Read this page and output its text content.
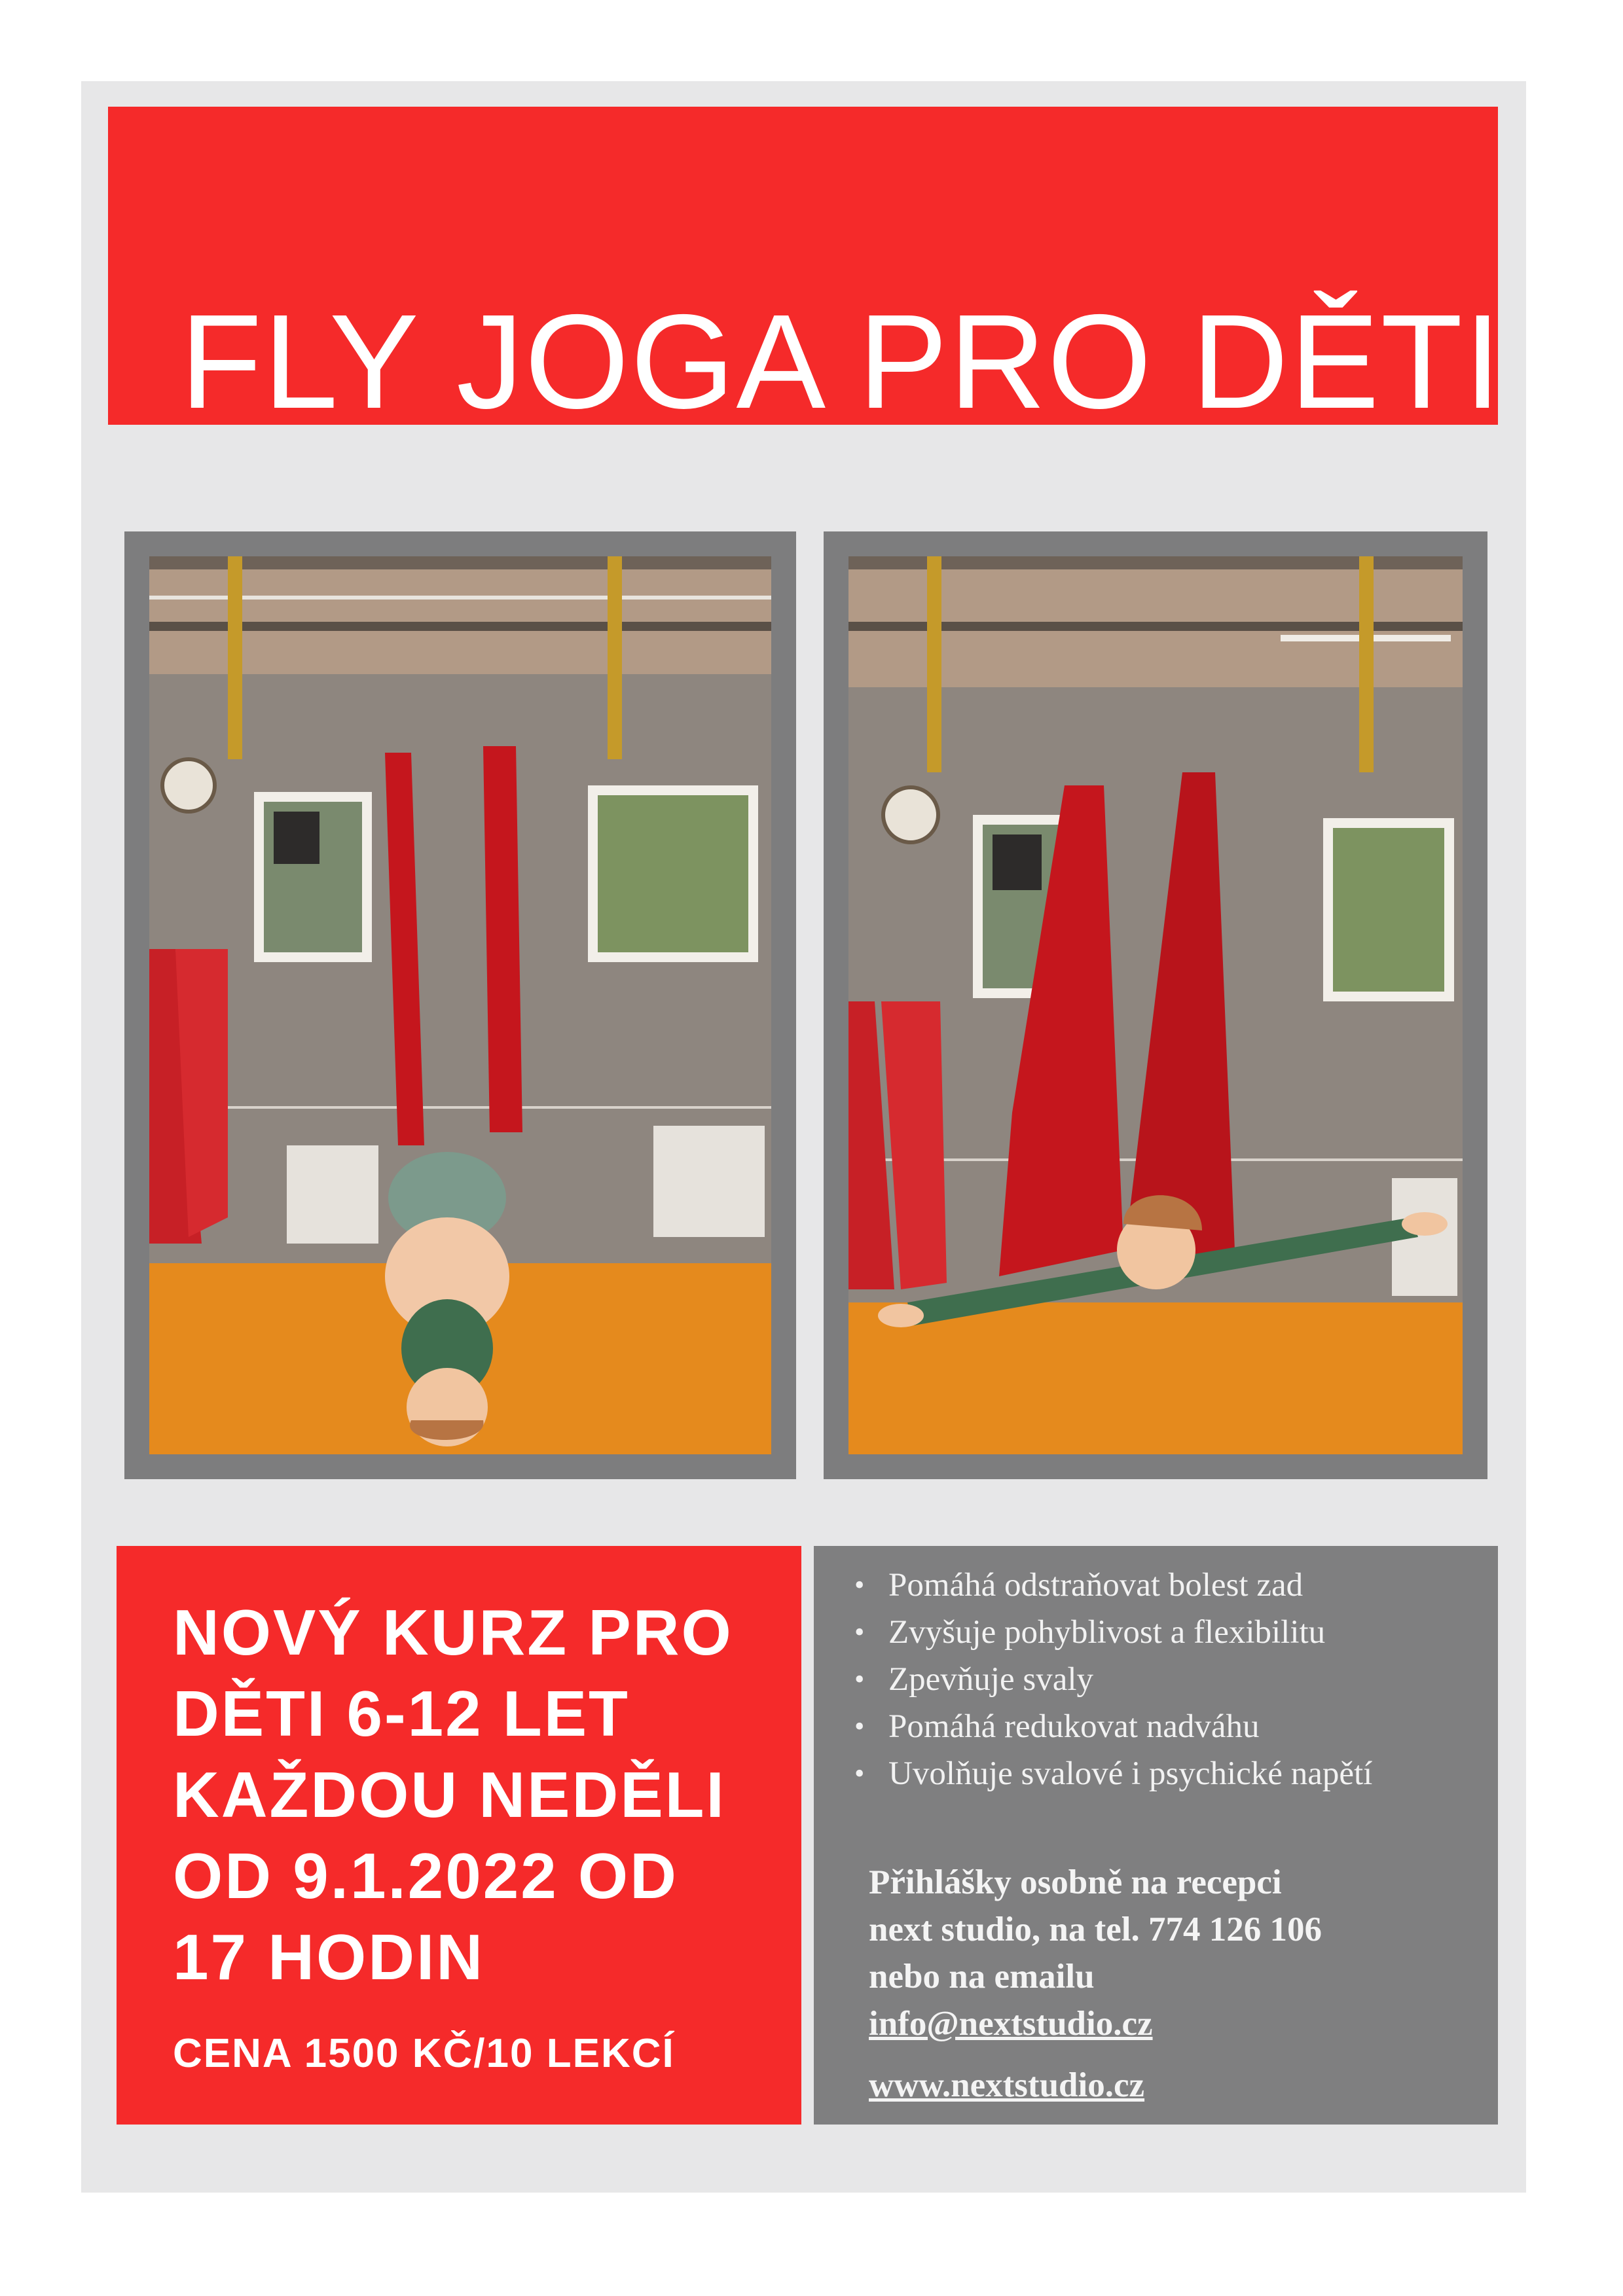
FLY JOGA PRO DĚTI
NOVÝ KURZ PRO
DĚTI 6-12 LET
KAŽDOU NEDĚLI
OD 9.1.2022 OD
17 HODIN
CENA 1500 KČ/10 LEKCÍ
• Pomáhá odstraňovat bolest zad
• Zvyšuje pohyblivost a flexibilitu
• Zpevňuje svaly
• Pomáhá redukovat nadváhu
• Uvolňuje svalové i psychické napětí
Přihlášky osobně na recepci
next studio, na tel. 774 126 106
nebo na emailu
info@nextstudio.cz
www.nextstudio.cz
